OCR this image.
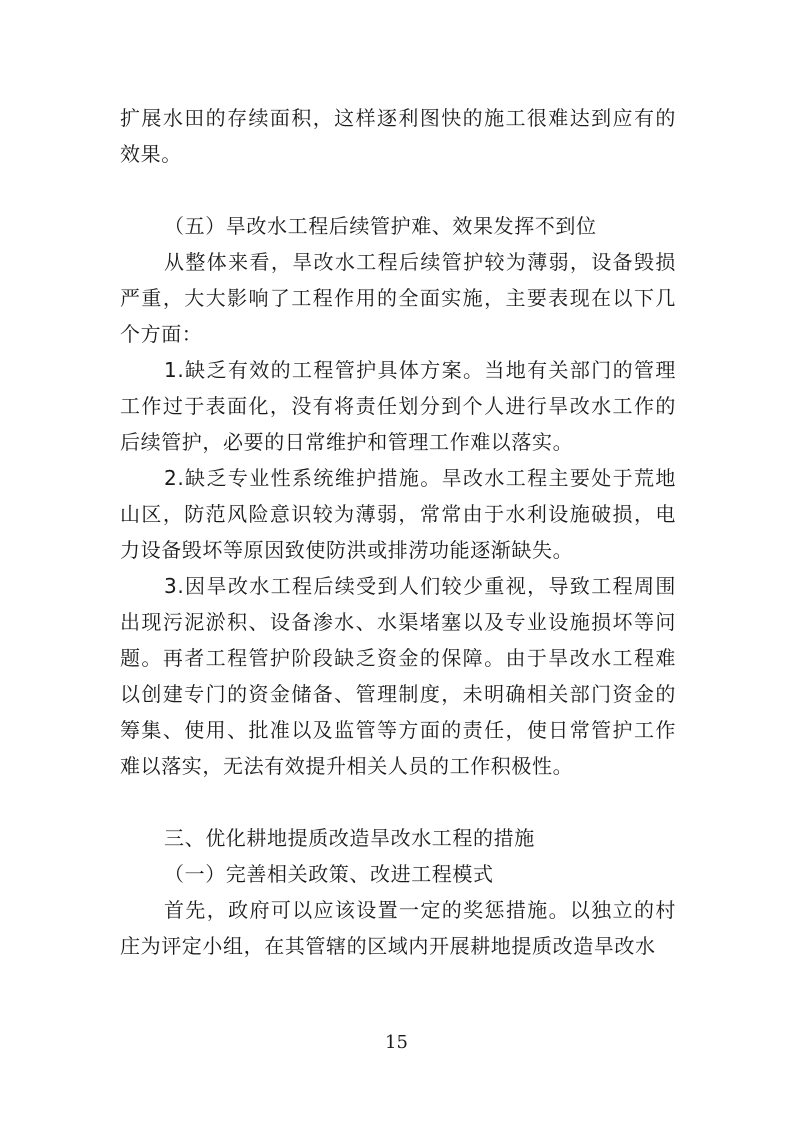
扩展水田的存续面积，这样逐利图快的施工很难达到应有的效果。

（五）旱改水工程后续管护难、效果发挥不到位

从整体来看，旱改水工程后续管护较为薄弱，设备毁损严重，大大影响了工程作用的全面实施，主要表现在以下几个方面：

1.缺乏有效的工程管护具体方案。当地有关部门的管理工作过于表面化，没有将责任划分到个人进行旱改水工作的后续管护，必要的日常维护和管理工作难以落实。

2.缺乏专业性系统维护措施。旱改水工程主要处于荒地山区，防范风险意识较为薄弱，常常由于水利设施破损，电力设备毁坏等原因致使防洪或排涝功能逐渐缺失。

3.因旱改水工程后续受到人们较少重视，导致工程周围出现污泥淤积、设备渗水、水渠堵塞以及专业设施损坏等问题。再者工程管护阶段缺乏资金的保障。由于旱改水工程难以创建专门的资金储备、管理制度，未明确相关部门资金的筹集、使用、批准以及监管等方面的责任，使日常管护工作难以落实，无法有效提升相关人员的工作积极性。

三、优化耕地提质改造旱改水工程的措施

（一）完善相关政策、改进工程模式

首先，政府可以应该设置一定的奖惩措施。以独立的村庄为评定小组，在其管辖的区域内开展耕地提质改造旱改水

15
